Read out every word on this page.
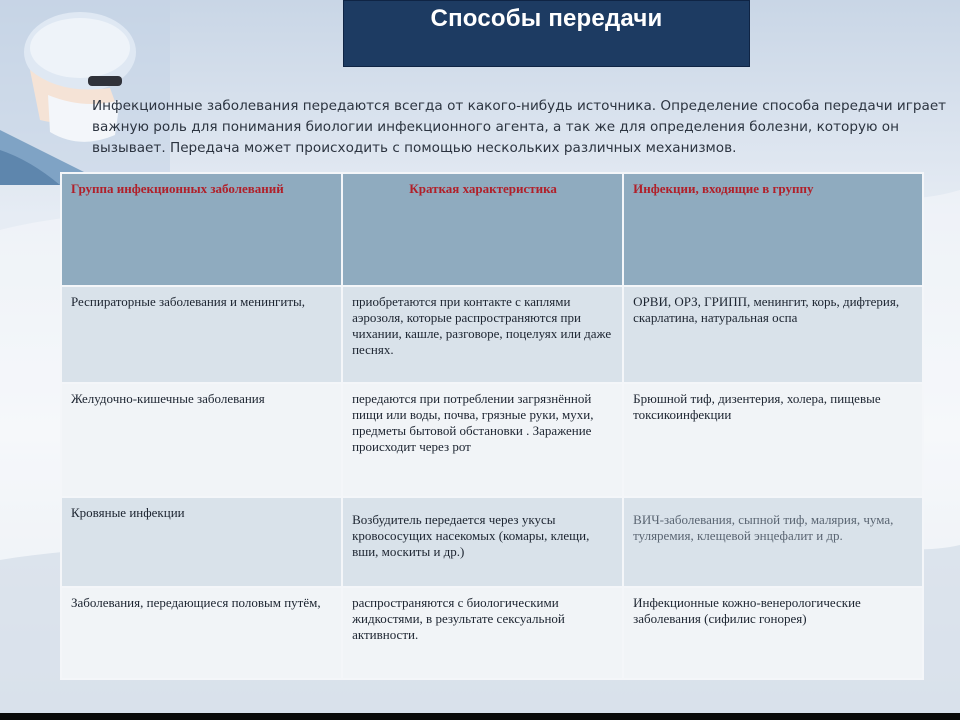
Способы передачи
Инфекционные заболевания передаются всегда от какого-нибудь источника. Определение способа передачи играет важную роль для понимания биологии инфекционного агента, а так же для определения болезни, которую он вызывает. Передача может происходить с помощью нескольких различных механизмов.
Группа инфекционных заболеваний	Краткая характеристика	Инфекции, входящие в группу
Респираторные заболевания и менингиты,	приобретаются при контакте с каплями аэрозоля, которые распространяются при чихании, кашле, разговоре, поцелуях или даже песнях.	ОРВИ, ОРЗ, ГРИПП, менингит, корь, дифтерия, скарлатина, натуральная оспа
Желудочно-кишечные заболевания	передаются при потреблении загрязнённой пищи или воды, почва, грязные руки, мухи, предметы бытовой обстановки . Заражение происходит через рот	Брюшной тиф, дизентерия, холера, пищевые токсикоинфекции
Кровяные инфекции	Возбудитель передается через укусы кровососущих насекомых (комары, клещи, вши, москиты и др.)	ВИЧ-заболевания, сыпной тиф, малярия, чума, туляремия, клещевой энцефалит и др.
Заболевания, передающиеся половым путём,	распространяются с биологическими жидкостями, в результате сексуальной активности.	Инфекционные кожно-венерологические заболевания (сифилис гонорея)
